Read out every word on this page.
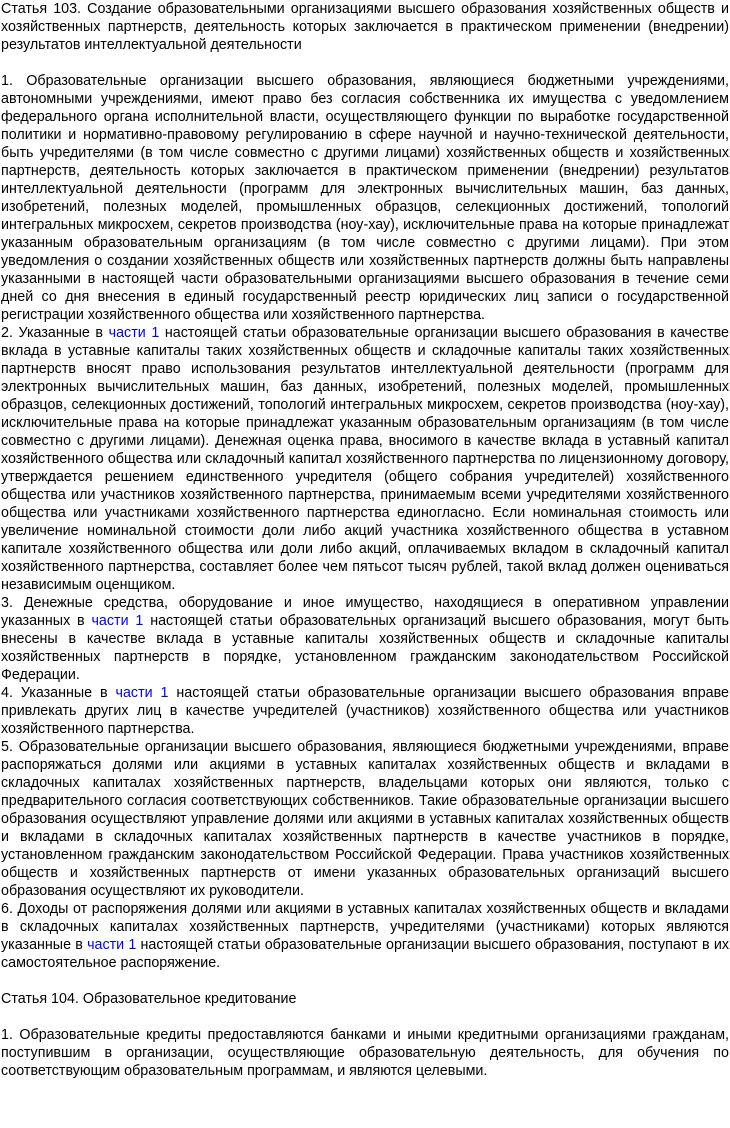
Статья 103. Создание образовательными организациями высшего образования хозяйственных обществ и хозяйственных партнерств, деятельность которых заключается в практическом применении (внедрении) результатов интеллектуальной деятельности

1. Образовательные организации высшего образования, являющиеся бюджетными учреждениями, автономными учреждениями, имеют право без согласия собственника их имущества с уведомлением федерального органа исполнительной власти, осуществляющего функции по выработке государственной политики и нормативно-правовому регулированию в сфере научной и научно-технической деятельности, быть учредителями (в том числе совместно с другими лицами) хозяйственных обществ и хозяйственных партнерств, деятельность которых заключается в практическом применении (внедрении) результатов интеллектуальной деятельности (программ для электронных вычислительных машин, баз данных, изобретений, полезных моделей, промышленных образцов, селекционных достижений, топологий интегральных микросхем, секретов производства (ноу-хау), исключительные права на которые принадлежат указанным образовательным организациям (в том числе совместно с другими лицами). При этом уведомления о создании хозяйственных обществ или хозяйственных партнерств должны быть направлены указанными в настоящей части образовательными организациями высшего образования в течение семи дней со дня внесения в единый государственный реестр юридических лиц записи о государственной регистрации хозяйственного общества или хозяйственного партнерства.

2. Указанные в части 1 настоящей статьи образовательные организации высшего образования в качестве вклада в уставные капиталы таких хозяйственных обществ и складочные капиталы таких хозяйственных партнерств вносят право использования результатов интеллектуальной деятельности (программ для электронных вычислительных машин, баз данных, изобретений, полезных моделей, промышленных образцов, селекционных достижений, топологий интегральных микросхем, секретов производства (ноу-хау), исключительные права на которые принадлежат указанным образовательным организациям (в том числе совместно с другими лицами). Денежная оценка права, вносимого в качестве вклада в уставный капитал хозяйственного общества или складочный капитал хозяйственного партнерства по лицензионному договору, утверждается решением единственного учредителя (общего собрания учредителей) хозяйственного общества или участников хозяйственного партнерства, принимаемым всеми учредителями хозяйственного общества или участниками хозяйственного партнерства единогласно. Если номинальная стоимость или увеличение номинальной стоимости доли либо акций участника хозяйственного общества в уставном капитале хозяйственного общества или доли либо акций, оплачиваемых вкладом в складочный капитал хозяйственного партнерства, составляет более чем пятьсот тысяч рублей, такой вклад должен оцениваться независимым оценщиком.

3. Денежные средства, оборудование и иное имущество, находящиеся в оперативном управлении указанных в части 1 настоящей статьи образовательных организаций высшего образования, могут быть внесены в качестве вклада в уставные капиталы хозяйственных обществ и складочные капиталы хозяйственных партнерств в порядке, установленном гражданским законодательством Российской Федерации.

4. Указанные в части 1 настоящей статьи образовательные организации высшего образования вправе привлекать других лиц в качестве учредителей (участников) хозяйственного общества или участников хозяйственного партнерства.

5. Образовательные организации высшего образования, являющиеся бюджетными учреждениями, вправе распоряжаться долями или акциями в уставных капиталах хозяйственных обществ и вкладами в складочных капиталах хозяйственных партнерств, владельцами которых они являются, только с предварительного согласия соответствующих собственников. Такие образовательные организации высшего образования осуществляют управление долями или акциями в уставных капиталах хозяйственных обществ и вкладами в складочных капиталах хозяйственных партнерств в качестве участников в порядке, установленном гражданским законодательством Российской Федерации. Права участников хозяйственных обществ и хозяйственных партнерств от имени указанных образовательных организаций высшего образования осуществляют их руководители.

6. Доходы от распоряжения долями или акциями в уставных капиталах хозяйственных обществ и вкладами в складочных капиталах хозяйственных партнерств, учредителями (участниками) которых являются указанные в части 1 настоящей статьи образовательные организации высшего образования, поступают в их самостоятельное распоряжение.

Статья 104. Образовательное кредитование

1. Образовательные кредиты предоставляются банками и иными кредитными организациями гражданам, поступившим в организации, осуществляющие образовательную деятельность, для обучения по соответствующим образовательным программам, и являются целевыми.
